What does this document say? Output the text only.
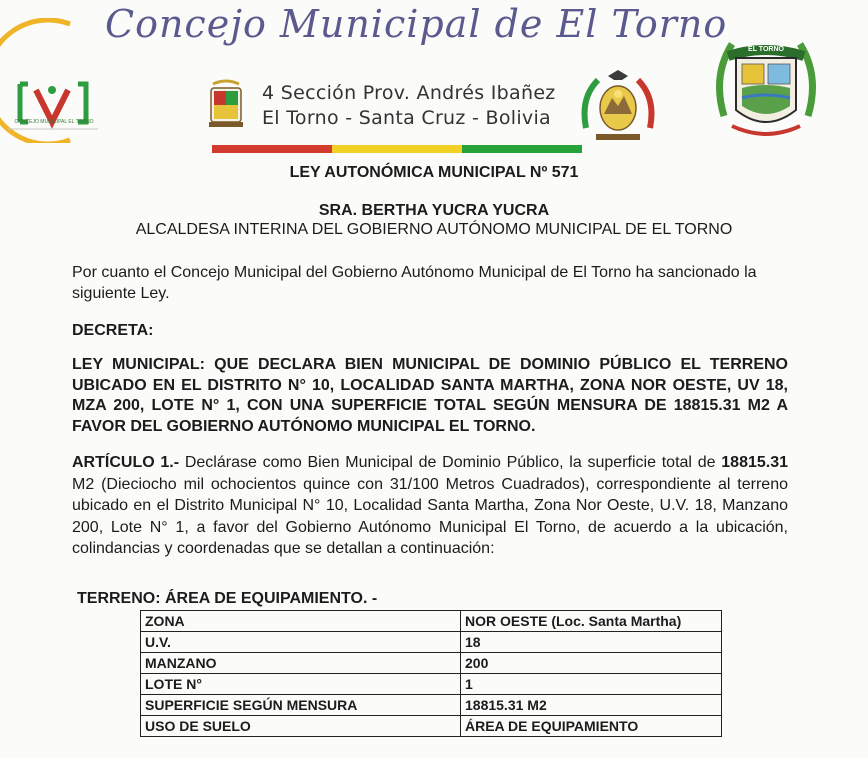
CONCEJO MUNICIPAL EL TORNO
Concejo Municipal de El Torno
4 Sección Prov. Andrés Ibañez
El Torno - Santa Cruz - Bolivia
EL TORNO
LEY AUTONÓMICA MUNICIPAL Nº 571
SRA. BERTHA YUCRA YUCRA
ALCALDESA INTERINA DEL GOBIERNO AUTÓNOMO MUNICIPAL DE EL TORNO
Por cuanto el Concejo Municipal del Gobierno Autónomo Municipal de El Torno ha sancionado la siguiente Ley.
DECRETA:
LEY MUNICIPAL: QUE DECLARA BIEN MUNICIPAL DE DOMINIO PÚBLICO EL TERRENO UBICADO EN EL DISTRITO N° 10, LOCALIDAD SANTA MARTHA, ZONA NOR OESTE, UV 18, MZA 200, LOTE N° 1, CON UNA SUPERFICIE TOTAL SEGÚN MENSURA DE 18815.31 M2 A FAVOR DEL GOBIERNO AUTÓNOMO MUNICIPAL EL TORNO.
ARTÍCULO 1.- Declárase como Bien Municipal de Dominio Público, la superficie total de 18815.31 M2 (Dieciocho mil ochocientos quince con 31/100 Metros Cuadrados), correspondiente al terreno ubicado en el Distrito Municipal N° 10, Localidad Santa Martha, Zona Nor Oeste, U.V. 18, Manzano 200, Lote N° 1, a favor del Gobierno Autónomo Municipal El Torno, de acuerdo a la ubicación, colindancias y coordenadas que se detallan a continuación:
TERRENO: ÁREA DE EQUIPAMIENTO. -
ZONA	NOR OESTE (Loc. Santa Martha)
U.V.	18
MANZANO	200
LOTE N°	1
SUPERFICIE SEGÚN MENSURA	18815.31 M2
USO DE SUELO	ÁREA DE EQUIPAMIENTO
